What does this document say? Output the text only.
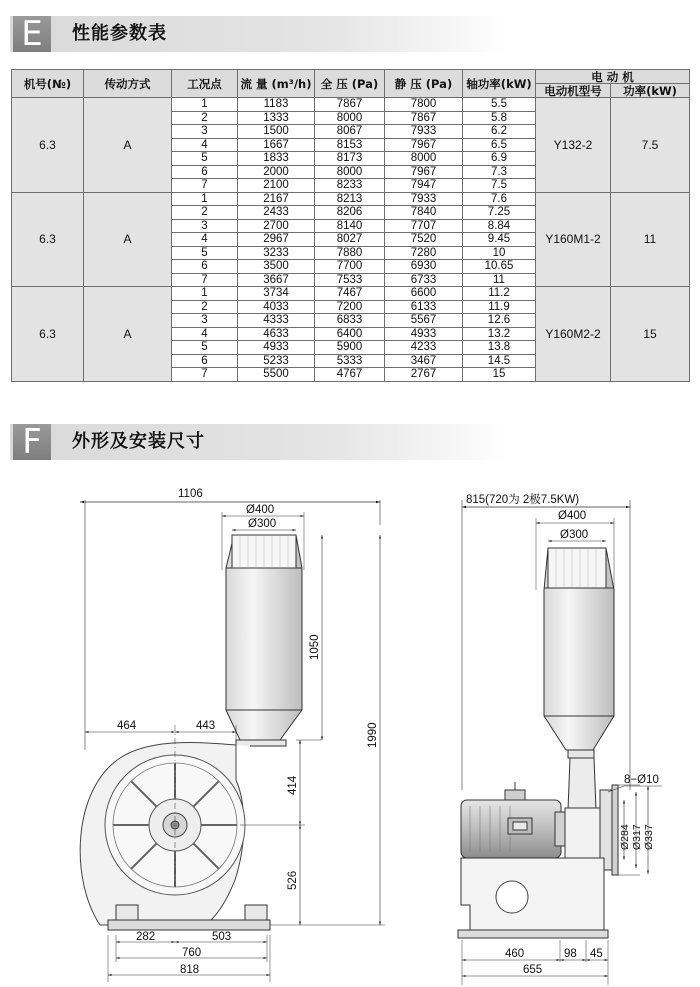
E	性能参数表
机号(№)	传动方式	工况点	流 量 (m³/h)	全 压 (Pa)	静 压 (Pa)	轴功率(kW)	电 动 机	
							电动机型号	功率(kW)
6.3	A	1	1183	7867	7800	5.5	Y132-2	7.5
		2	1333	8000	7867	5.8		
		3	1500	8067	7933	6.2		
		4	1667	8153	7967	6.5		
		5	1833	8173	8000	6.9		
		6	2000	8000	7967	7.3		
		7	2100	8233	7947	7.5		
6.3	A	1	2167	8213	7933	7.6	Y160M1-2	11
		2	2433	8206	7840	7.25		
		3	2700	8140	7707	8.84		
		4	2967	8027	7520	9.45		
		5	3233	7880	7280	10		
		6	3500	7700	6930	10.65		
		7	3667	7533	6733	11		
6.3	A	1	3734	7467	6600	11.2	Y160M2-2	15
		2	4033	7200	6133	11.9		
		3	4333	6833	5567	12.6		
		4	4633	6400	4933	13.2		
		5	4933	5900	4233	13.8		
		6	5233	5333	3467	14.5		
		7	5500	4767	2767	15		
F	外形及安装尺寸
1106
Ø400
Ø300
464	443
1050
1990
414
526
282	503
760
818
815(720为 2极7.5KW)
Ø400
Ø300
8−Ø10
Ø284 Ø317 Ø337
460	98 45
655
